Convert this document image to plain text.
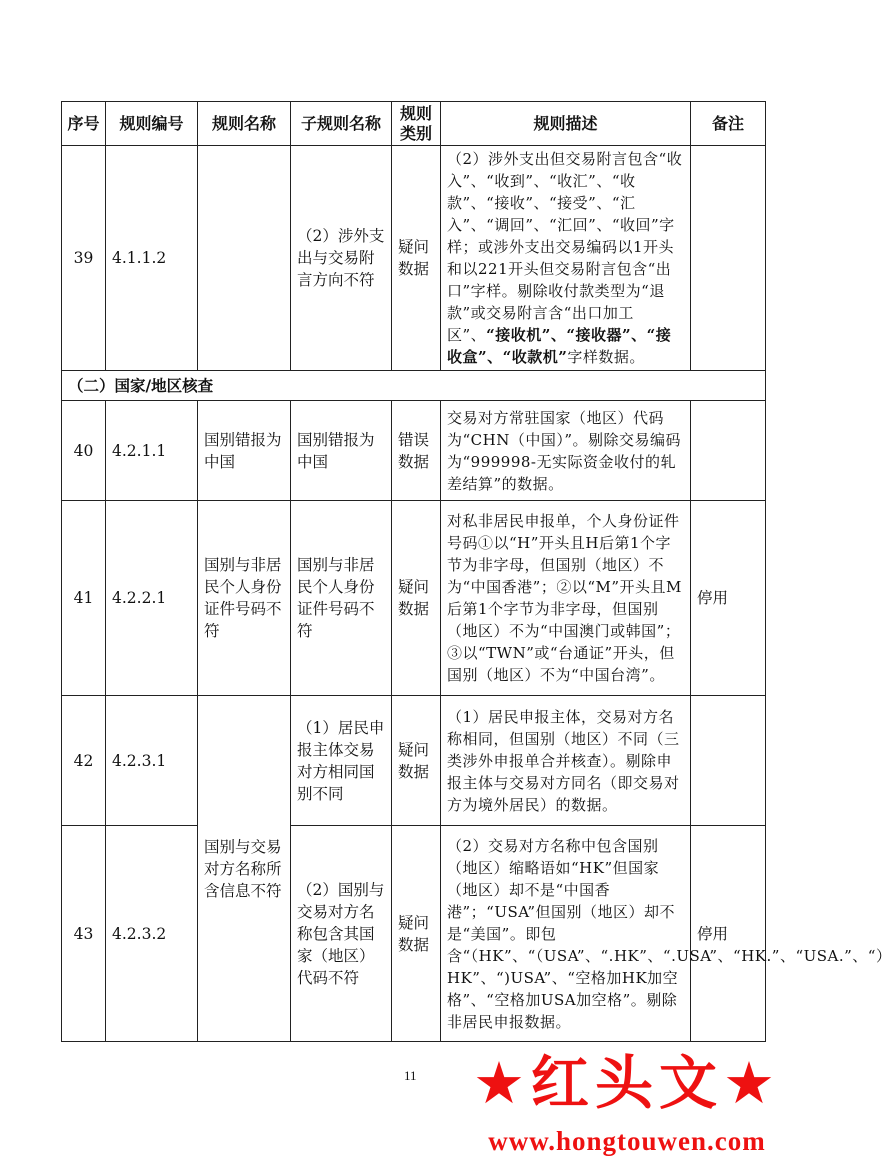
序号	规则编号	规则名称	子规则名称	规则类别	规则描述	备注
39	4.1.1.2		（2）涉外支出与交易附言方向不符	疑问数据	（2）涉外支出但交易附言包含“收入”、“收到”、“收汇”、“收款”、“接收”、“接受”、“汇入”、“调回”、“汇回”、“收回”字样；或涉外支出交易编码以1开头和以221开头但交易附言包含“出口”字样。剔除收付款类型为“退款”或交易附言含“出口加工区”、“接收机”、“接收器”、“接收盒”、“收款机”字样数据。	
（二）国家/地区核查						
40	4.2.1.1	国别错报为中国	国别错报为中国	错误数据	交易对方常驻国家（地区）代码为“CHN（中国）”。剔除交易编码为“999998-无实际资金收付的轧差结算”的数据。	
41	4.2.2.1	国别与非居民个人身份证件号码不符	国别与非居民个人身份证件号码不符	疑问数据	对私非居民申报单，个人身份证件号码①以“H”开头且H后第1个字节为非字母，但国别（地区）不为“中国香港”；②以“M”开头且M后第1个字节为非字母，但国别（地区）不为“中国澳门或韩国”；③以“TWN”或“台通证”开头，但国别（地区）不为“中国台湾”。	停用
42	4.2.3.1	国别与交易对方名称所含信息不符	（1）居民申报主体交易对方相同国别不同	疑问数据	（1）居民申报主体，交易对方名称相同，但国别（地区）不同（三类涉外申报单合并核查）。剔除申报主体与交易对方同名（即交易对方为境外居民）的数据。	
43	4.2.3.2		（2）国别与交易对方名称包含其国家（地区）代码不符	疑问数据	（2）交易对方名称中包含国别（地区）缩略语如“HK”但国家（地区）却不是“中国香港”；“USA”但国别（地区）却不是“美国”。即包含“（HK”、“（USA”、“.HK”、“.USA”、“HK.”、“USA.”、“）HK”、“)USA”、“空格加HK加空格”、“空格加USA加空格”。剔除非居民申报数据。	停用
11 ★红头文★
www.hongtouwen.com
